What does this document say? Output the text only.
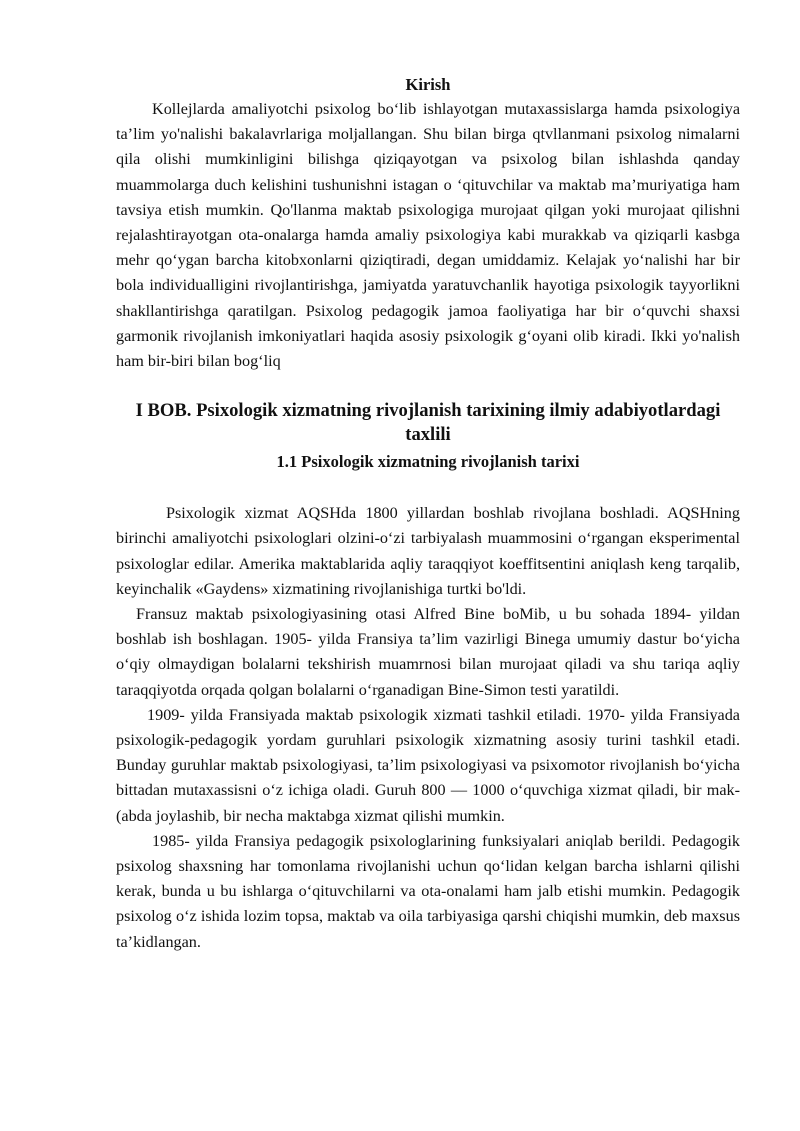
Kirish

Kollejlarda amaliyotchi psixolog bo‘lib ishlayotgan mutaxassislarga hamda psixologiya ta’lim yo'nalishi bakalavrlariga moljallangan. Shu bilan birga qtvllanmani psixolog nimalarni qila olishi mumkinligini bilishga qiziqayotgan va psixolog bilan ishlashda qanday muammolarga duch kelishini tushunishni istagan o ‘qituvchilar va maktab ma’muriyatiga ham tavsiya etish mumkin. Qo'llanma maktab psixologiga murojaat qilgan yoki murojaat qilishni rejalashtirayotgan ota-onalarga hamda amaliy psixologiya kabi murakkab va qiziqarli kasbga mehr qo‘ygan barcha kitobxonlarni qiziqtiradi, degan umiddamiz. Kelajak yo‘nalishi har bir bola individualligini rivojlantirishga, jamiyatda yaratuvchanlik hayotiga psixologik tayyorlikni shakllantirishga qaratilgan. Psixolog pedagogik jamoa faoliyatiga har bir o‘quvchi shaxsi garmonik rivojlanish imkoniyatlari haqida asosiy psixologik g‘oyani olib kiradi. Ikki yo'nalish ham bir-biri bilan bog‘liq

I BOB. Psixologik xizmatning rivojlanish tarixining ilmiy adabiyotlardagi taxlili
1.1 Psixologik xizmatning rivojlanish tarixi

Psixologik xizmat AQSHda 1800 yillardan boshlab rivojlana boshladi. AQSHning birinchi amaliyotchi psixologlari olzini-o‘zi tarbiyalash muammosini o‘rgangan eksperimental psixologlar edilar. Amerika maktablarida aqliy taraqqiyot koeffitsentini aniqlash keng tarqalib, keyinchalik «Gaydens» xizmatining rivojlanishiga turtki bo'ldi.

Fransuz maktab psixologiyasining otasi Alfred Bine boMib, u bu sohada 1894- yildan boshlab ish boshlagan. 1905- yilda Fransiya ta’lim vazirligi Binega umumiy dastur bo‘yicha o‘qiy olmaydigan bolalarni tekshirish muamrnosi bilan murojaat qiladi va shu tariqa aqliy taraqqiyotda orqada qolgan bolalarni o‘rganadigan Bine-Simon testi yaratildi.

1909- yilda Fransiyada maktab psixologik xizmati tashkil etiladi. 1970- yilda Fransiyada psixologik-pedagogik yordam guruhlari psixologik xizmatning asosiy turini tashkil etadi. Bunday guruhlar maktab psixologiyasi, ta’lim psixologiyasi va psixomotor rivojlanish bo‘yicha bittadan mutaxassisni o‘z ichiga oladi. Guruh 800 — 1000 o‘quvchiga xizmat qiladi, bir mak- (abda joylashib, bir necha maktabga xizmat qilishi mumkin.

1985- yilda Fransiya pedagogik psixologlarining funksiyalari aniqlab berildi. Pedagogik psixolog shaxsning har tomonlama rivojlanishi uchun qo‘lidan kelgan barcha ishlarni qilishi kerak, bunda u bu ishlarga o‘qituvchilarni va ota-onalami ham jalb etishi mumkin. Pedagogik psixolog o‘z ishida lozim topsa, maktab va oila tarbiyasiga qarshi chiqishi mumkin, deb maxsus ta’kidlangan.
